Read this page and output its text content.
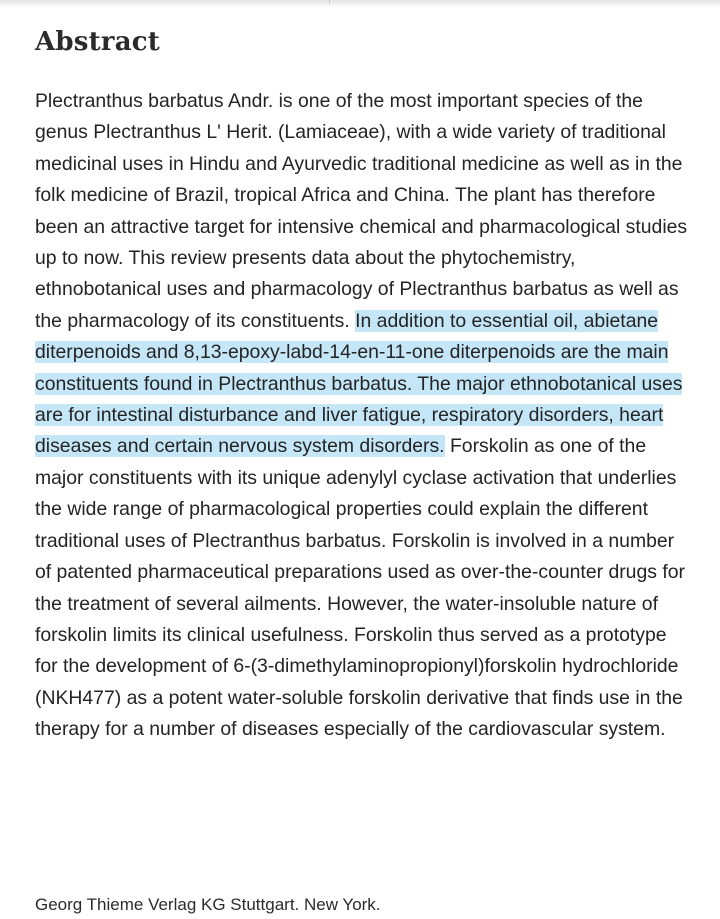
Abstract

Plectranthus barbatus Andr. is one of the most important species of the genus Plectranthus L' Herit. (Lamiaceae), with a wide variety of traditional medicinal uses in Hindu and Ayurvedic traditional medicine as well as in the folk medicine of Brazil, tropical Africa and China. The plant has therefore been an attractive target for intensive chemical and pharmacological studies up to now. This review presents data about the phytochemistry, ethnobotanical uses and pharmacology of Plectranthus barbatus as well as the pharmacology of its constituents. In addition to essential oil, abietane diterpenoids and 8,13-epoxy-labd-14-en-11-one diterpenoids are the main constituents found in Plectranthus barbatus. The major ethnobotanical uses are for intestinal disturbance and liver fatigue, respiratory disorders, heart diseases and certain nervous system disorders. Forskolin as one of the major constituents with its unique adenylyl cyclase activation that underlies the wide range of pharmacological properties could explain the different traditional uses of Plectranthus barbatus. Forskolin is involved in a number of patented pharmaceutical preparations used as over-the-counter drugs for the treatment of several ailments. However, the water-insoluble nature of forskolin limits its clinical usefulness. Forskolin thus served as a prototype for the development of 6-(3-dimethylaminopropionyl)forskolin hydrochloride (NKH477) as a potent water-soluble forskolin derivative that finds use in the therapy for a number of diseases especially of the cardiovascular system.

Georg Thieme Verlag KG Stuttgart. New York.
